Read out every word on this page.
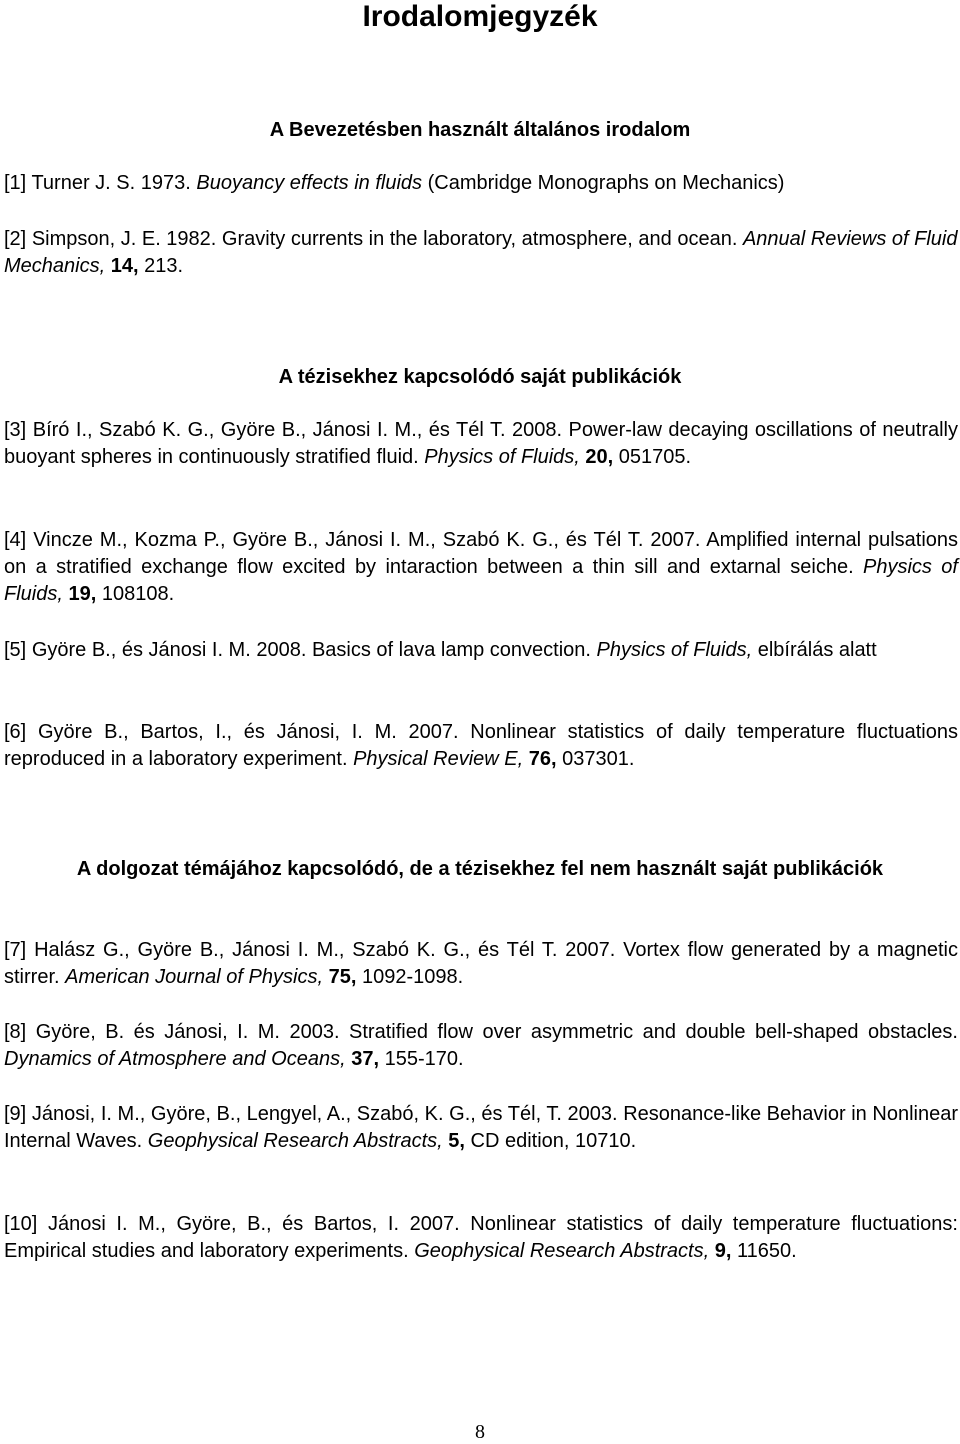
Irodalomjegyzék
A Bevezetésben használt általános irodalom
[1] Turner J. S. 1973. Buoyancy effects in fluids (Cambridge Monographs on Mechanics)
[2] Simpson, J. E. 1982. Gravity currents in the laboratory, atmosphere, and ocean. Annual Reviews of Fluid Mechanics, 14, 213.
A tézisekhez kapcsolódó saját publikációk
[3] Bíró I., Szabó K. G., Györe B., Jánosi I. M., és Tél T. 2008. Power-law decaying oscillations of neutrally buoyant spheres in continuously stratified fluid. Physics of Fluids, 20, 051705.
[4] Vincze M., Kozma P., Györe B., Jánosi I. M., Szabó K. G., és Tél T. 2007. Amplified internal pulsations on a stratified exchange flow excited by intaraction between a thin sill and extarnal seiche. Physics of Fluids, 19, 108108.
[5] Györe B., és Jánosi I. M. 2008. Basics of lava lamp convection. Physics of Fluids, elbírálás alatt
[6] Györe B., Bartos, I., és Jánosi, I. M. 2007. Nonlinear statistics of daily temperature fluctuations reproduced in a laboratory experiment. Physical Review E, 76, 037301.
A dolgozat témájához kapcsolódó, de a tézisekhez fel nem használt saját publikációk
[7] Halász G., Györe B., Jánosi I. M., Szabó K. G., és Tél T. 2007. Vortex flow generated by a magnetic stirrer. American Journal of Physics, 75, 1092-1098.
[8] Györe, B. és Jánosi, I. M. 2003. Stratified flow over asymmetric and double bell-shaped obstacles. Dynamics of Atmosphere and Oceans, 37, 155-170.
[9] Jánosi, I. M., Györe, B., Lengyel, A., Szabó, K. G., és Tél, T. 2003. Resonance-like Behavior in Nonlinear Internal Waves. Geophysical Research Abstracts, 5, CD edition, 10710.
[10] Jánosi I. M., Györe, B., és Bartos, I. 2007. Nonlinear statistics of daily temperature fluctuations: Empirical studies and laboratory experiments. Geophysical Research Abstracts, 9, 11650.
8
